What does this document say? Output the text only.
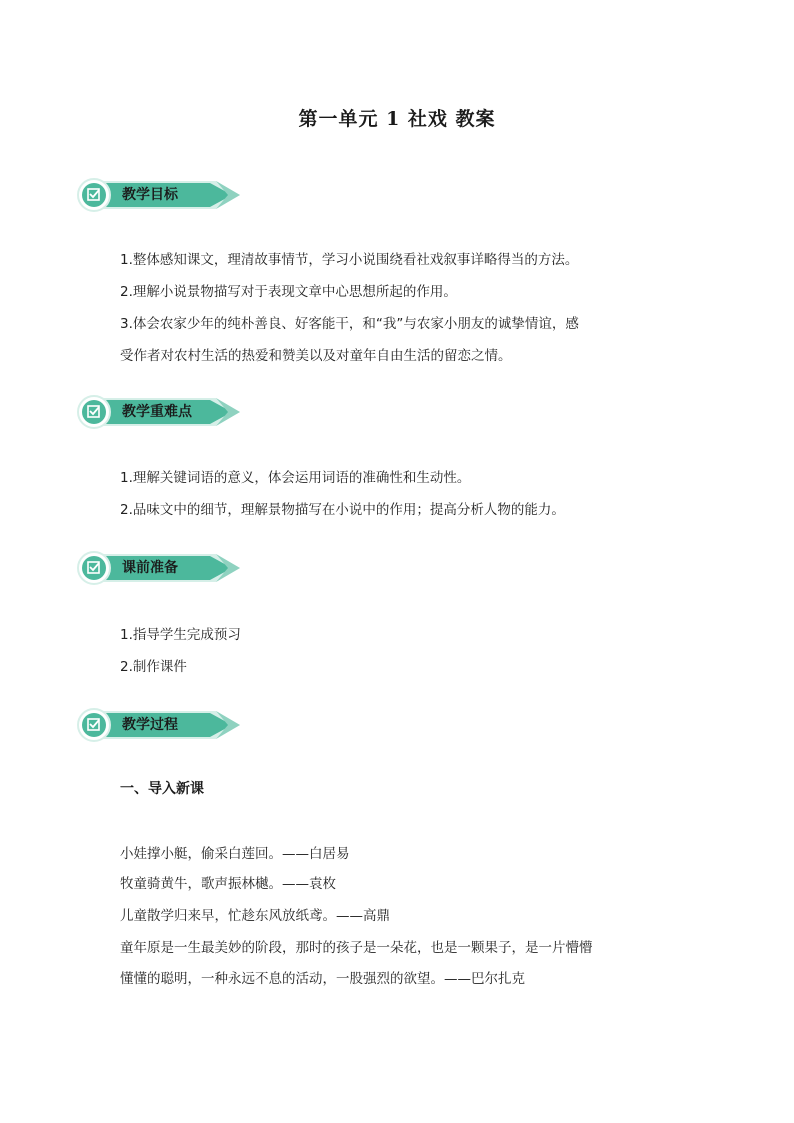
第一单元 1 社戏 教案
教学目标
1.整体感知课文，理清故事情节，学习小说围绕看社戏叙事详略得当的方法。
2.理解小说景物描写对于表现文章中心思想所起的作用。
3.体会农家少年的纯朴善良、好客能干，和“我”与农家小朋友的诚挚情谊，感
受作者对农村生活的热爱和赞美以及对童年自由生活的留恋之情。
教学重难点
1.理解关键词语的意义，体会运用词语的准确性和生动性。
2.品味文中的细节，理解景物描写在小说中的作用；提高分析人物的能力。
课前准备
1.指导学生完成预习
2.制作课件
教学过程
一、导入新课
小娃撑小艇，偷采白莲回。——白居易
牧童骑黄牛，歌声振林樾。——袁枚
儿童散学归来早，忙趁东风放纸鸢。——高鼎
童年原是一生最美妙的阶段，那时的孩子是一朵花，也是一颗果子，是一片懵懵
懂懂的聪明，一种永远不息的活动，一股强烈的欲望。——巴尔扎克
